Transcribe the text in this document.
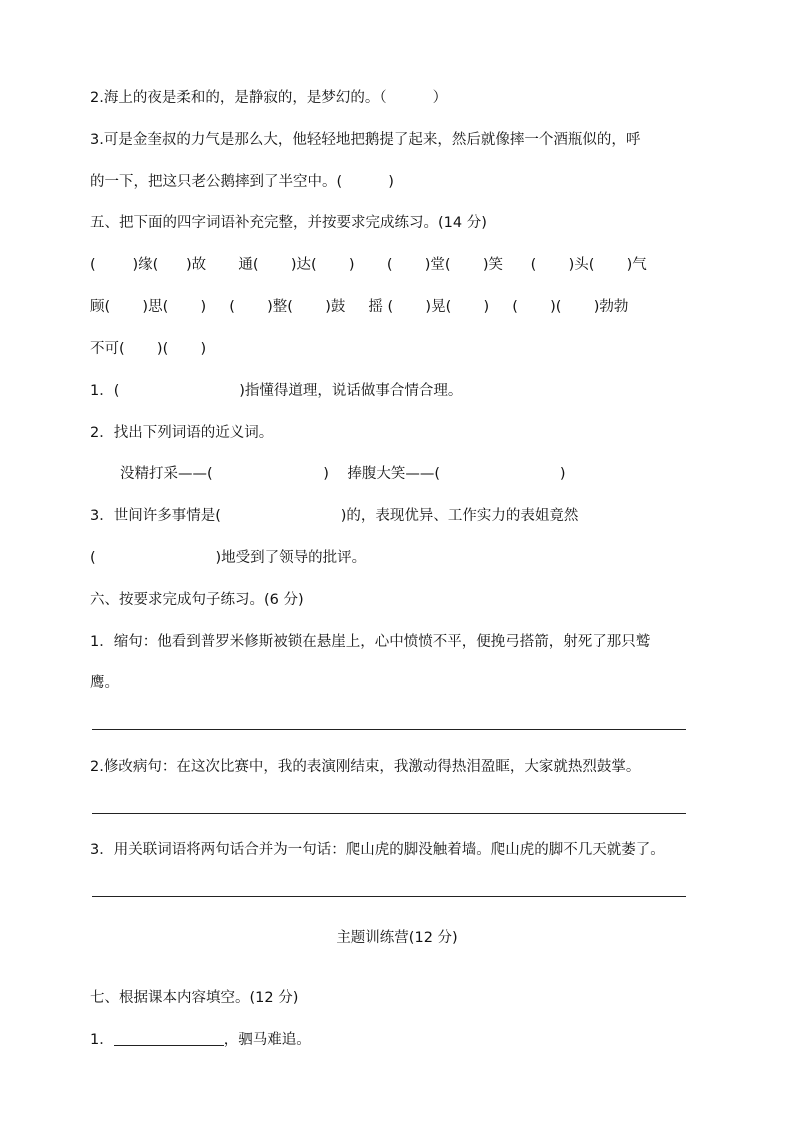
2.海上的夜是柔和的，是静寂的，是梦幻的。（          ）
3.可是金奎叔的力气是那么大，他轻轻地把鹅提了起来，然后就像摔一个酒瓶似的，呼
的一下，把这只老公鹅摔到了半空中。(          )
五、把下面的四字词语补充完整，并按要求完成练习。(14 分)
(        )缘(      )故       通(       )达(       )       (       )堂(       )笑      (       )头(       )气
顾(       )思(       )     (       )整(       )鼓     摇 (       )晃(       )     (       )(       )勃勃
不可(       )(       )
1．(                          )指懂得道理，说话做事合情合理。
2．找出下列词语的近义词。
没精打采——(                        )    捧腹大笑——(                          )
3．世间许多事情是(                          )的，表现优异、工作实力的表姐竟然
(                          )地受到了领导的批评。
六、按要求完成句子练习。(6 分)
1．缩句：他看到普罗米修斯被锁在悬崖上，心中愤愤不平，便挽弓搭箭，射死了那只鹫
鹰。
2.修改病句：在这次比赛中，我的表演刚结束，我激动得热泪盈眶，大家就热烈鼓掌。
3．用关联词语将两句话合并为一句话：爬山虎的脚没触着墙。爬山虎的脚不几天就萎了。
主题训练营(12 分)
七、根据课本内容填空。(12 分)
1．	，驷马难追。
